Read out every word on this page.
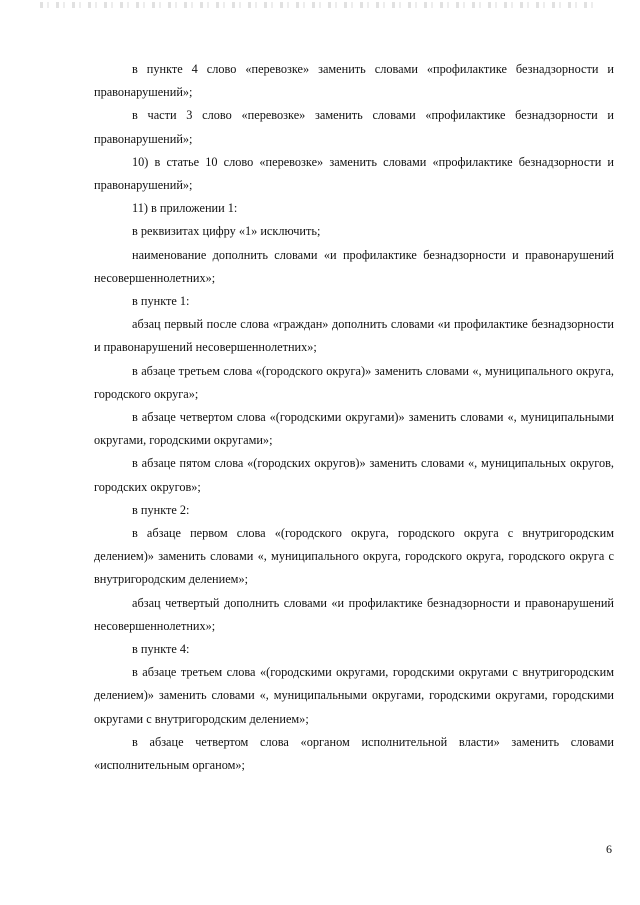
в пункте 4 слово «перевозке» заменить словами «профилактике безнадзорности и правонарушений»;

в части 3 слово «перевозке» заменить словами «профилактике безнадзорности и правонарушений»;

10) в статье 10 слово «перевозке» заменить словами «профилактике безнадзорности и правонарушений»;

11) в приложении 1:

в реквизитах цифру «1» исключить;

наименование дополнить словами «и профилактике безнадзорности и правонарушений несовершеннолетних»;

в пункте 1:

абзац первый после слова «граждан» дополнить словами «и профилактике безнадзорности и правонарушений несовершеннолетних»;

в абзаце третьем слова «(городского округа)» заменить словами «, муниципального округа, городского округа»;

в абзаце четвертом слова «(городскими округами)» заменить словами «, муниципальными округами, городскими округами»;

в абзаце пятом слова «(городских округов)» заменить словами «, муниципальных округов, городских округов»;

в пункте 2:

в абзаце первом слова «(городского округа, городского округа с внутригородским делением)» заменить словами «, муниципального округа, городского округа, городского округа с внутригородским делением»;

абзац четвертый дополнить словами «и профилактике безнадзорности и правонарушений несовершеннолетних»;

в пункте 4:

в абзаце третьем слова «(городскими округами, городскими округами с внутригородским делением)» заменить словами «, муниципальными округами, городскими округами, городскими округами с внутригородским делением»;

в абзаце четвертом слова «органом исполнительной власти» заменить словами «исполнительным органом»;

6
